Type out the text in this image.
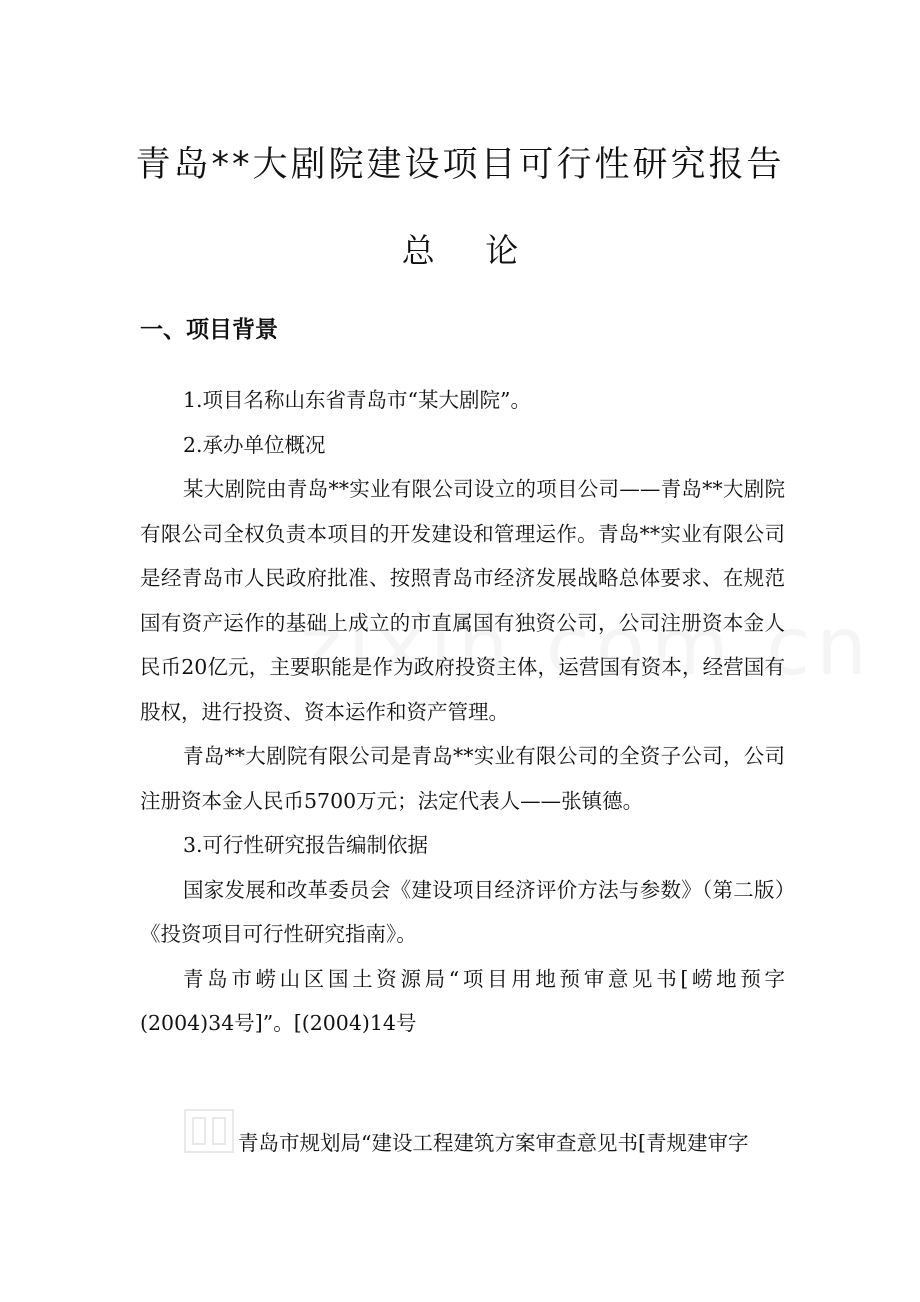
青岛**大剧院建设项目可行性研究报告
总 论
一、项目背景

1.项目名称山东省青岛市“某大剧院”。

2.承办单位概况

某大剧院由青岛**实业有限公司设立的项目公司——青岛**大剧院有限公司全权负责本项目的开发建设和管理运作。青岛**实业有限公司是经青岛市人民政府批准、按照青岛市经济发展战略总体要求、在规范国有资产运作的基础上成立的市直属国有独资公司，公司注册资本金人民币20亿元，主要职能是作为政府投资主体，运营国有资本，经营国有股权，进行投资、资本运作和资产管理。

青岛**大剧院有限公司是青岛**实业有限公司的全资子公司，公司注册资本金人民币5700万元；法定代表人——张镇德。

3.可行性研究报告编制依据

国家发展和改革委员会《建设项目经济评价方法与参数》（第二版）《投资项目可行性研究指南》。

青岛市崂山区国土资源局“项目用地预审意见书[崂地预字(2004)34号]”。[(2004)14号

青岛市规划局“建设工程建筑方案审查意见书[青规建审字
